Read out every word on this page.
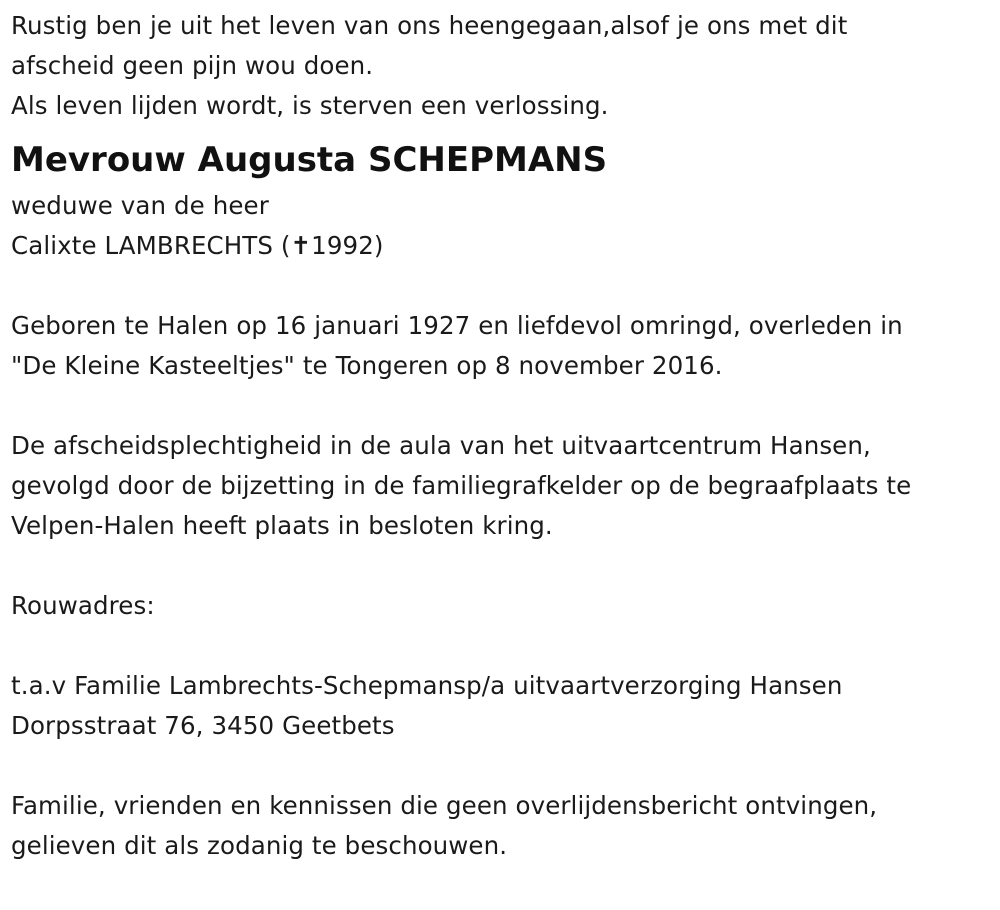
Rustig ben je uit het leven van ons heengegaan,alsof je ons met dit
afscheid geen pijn wou doen.
Als leven lijden wordt, is sterven een verlossing.
Mevrouw Augusta SCHEPMANS
weduwe van de heer
Calixte LAMBRECHTS (✝1992)
Geboren te Halen op 16 januari 1927 en liefdevol omringd, overleden in
"De Kleine Kasteeltjes" te Tongeren op 8 november 2016.
De afscheidsplechtigheid in de aula van het uitvaartcentrum Hansen,
gevolgd door de bijzetting in de familiegrafkelder op de begraafplaats te
Velpen-Halen heeft plaats in besloten kring.
Rouwadres:
t.a.v Familie Lambrechts-Schepmansp/a uitvaartverzorging Hansen
Dorpsstraat 76, 3450 Geetbets
Familie, vrienden en kennissen die geen overlijdensbericht ontvingen,
gelieven dit als zodanig te beschouwen.
